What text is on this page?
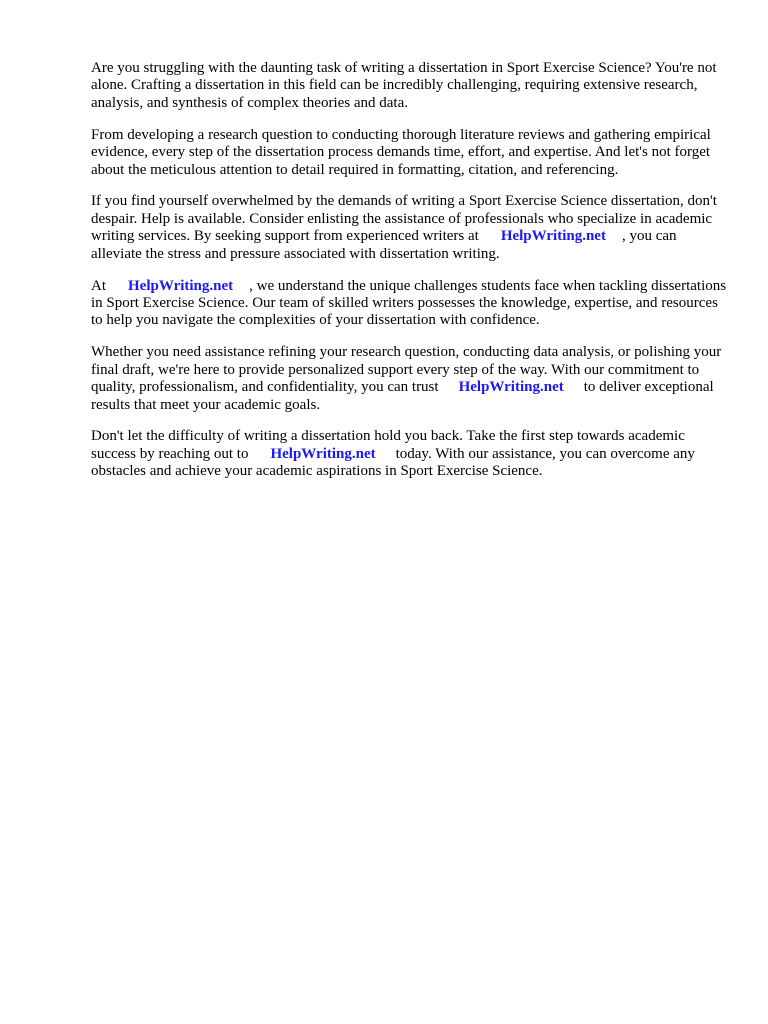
Are you struggling with the daunting task of writing a dissertation in Sport Exercise Science? You're not alone. Crafting a dissertation in this field can be incredibly challenging, requiring extensive research, analysis, and synthesis of complex theories and data.

From developing a research question to conducting thorough literature reviews and gathering empirical evidence, every step of the dissertation process demands time, effort, and expertise. And let's not forget about the meticulous attention to detail required in formatting, citation, and referencing.

If you find yourself overwhelmed by the demands of writing a Sport Exercise Science dissertation, don't despair. Help is available. Consider enlisting the assistance of professionals who specialize in academic writing services. By seeking support from experienced writers at HelpWriting.net , you can alleviate the stress and pressure associated with dissertation writing.

At HelpWriting.net , we understand the unique challenges students face when tackling dissertations in Sport Exercise Science. Our team of skilled writers possesses the knowledge, expertise, and resources to help you navigate the complexities of your dissertation with confidence.

Whether you need assistance refining your research question, conducting data analysis, or polishing your final draft, we're here to provide personalized support every step of the way. With our commitment to quality, professionalism, and confidentiality, you can trust HelpWriting.net to deliver exceptional results that meet your academic goals.

Don't let the difficulty of writing a dissertation hold you back. Take the first step towards academic success by reaching out to HelpWriting.net today. With our assistance, you can overcome any obstacles and achieve your academic aspirations in Sport Exercise Science.
